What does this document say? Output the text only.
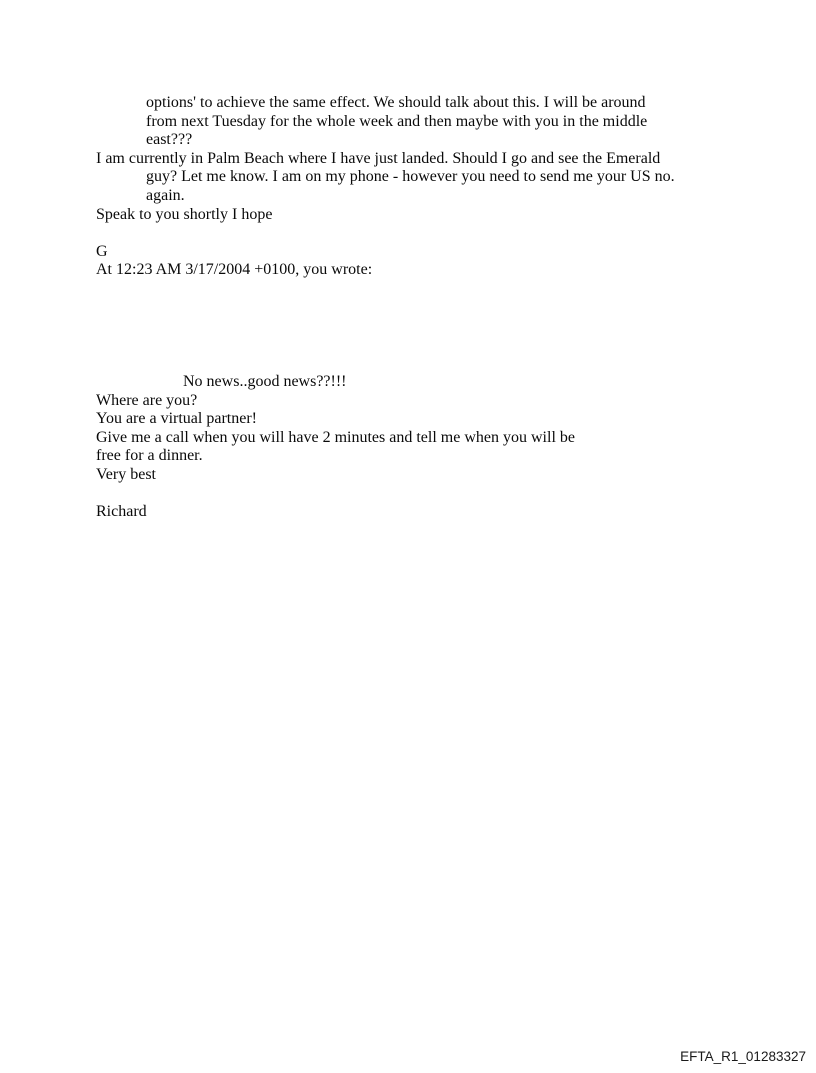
options' to achieve the same effect. We should talk about this. I will be around
from next Tuesday for the whole week and then maybe with you in the middle
east???
I am currently in Palm Beach where I have just landed. Should I go and see the Emerald
guy? Let me know. I am on my phone - however you need to send me your US no.
again.
Speak to you shortly I hope
G
At 12:23 AM 3/17/2004 +0100, you wrote:
No news..good news??!!!
Where are you?
You are a virtual partner!
Give me a call when you will have 2 minutes and tell me when you will be
free for a dinner.
Very best
Richard
EFTA_R1_01283327
